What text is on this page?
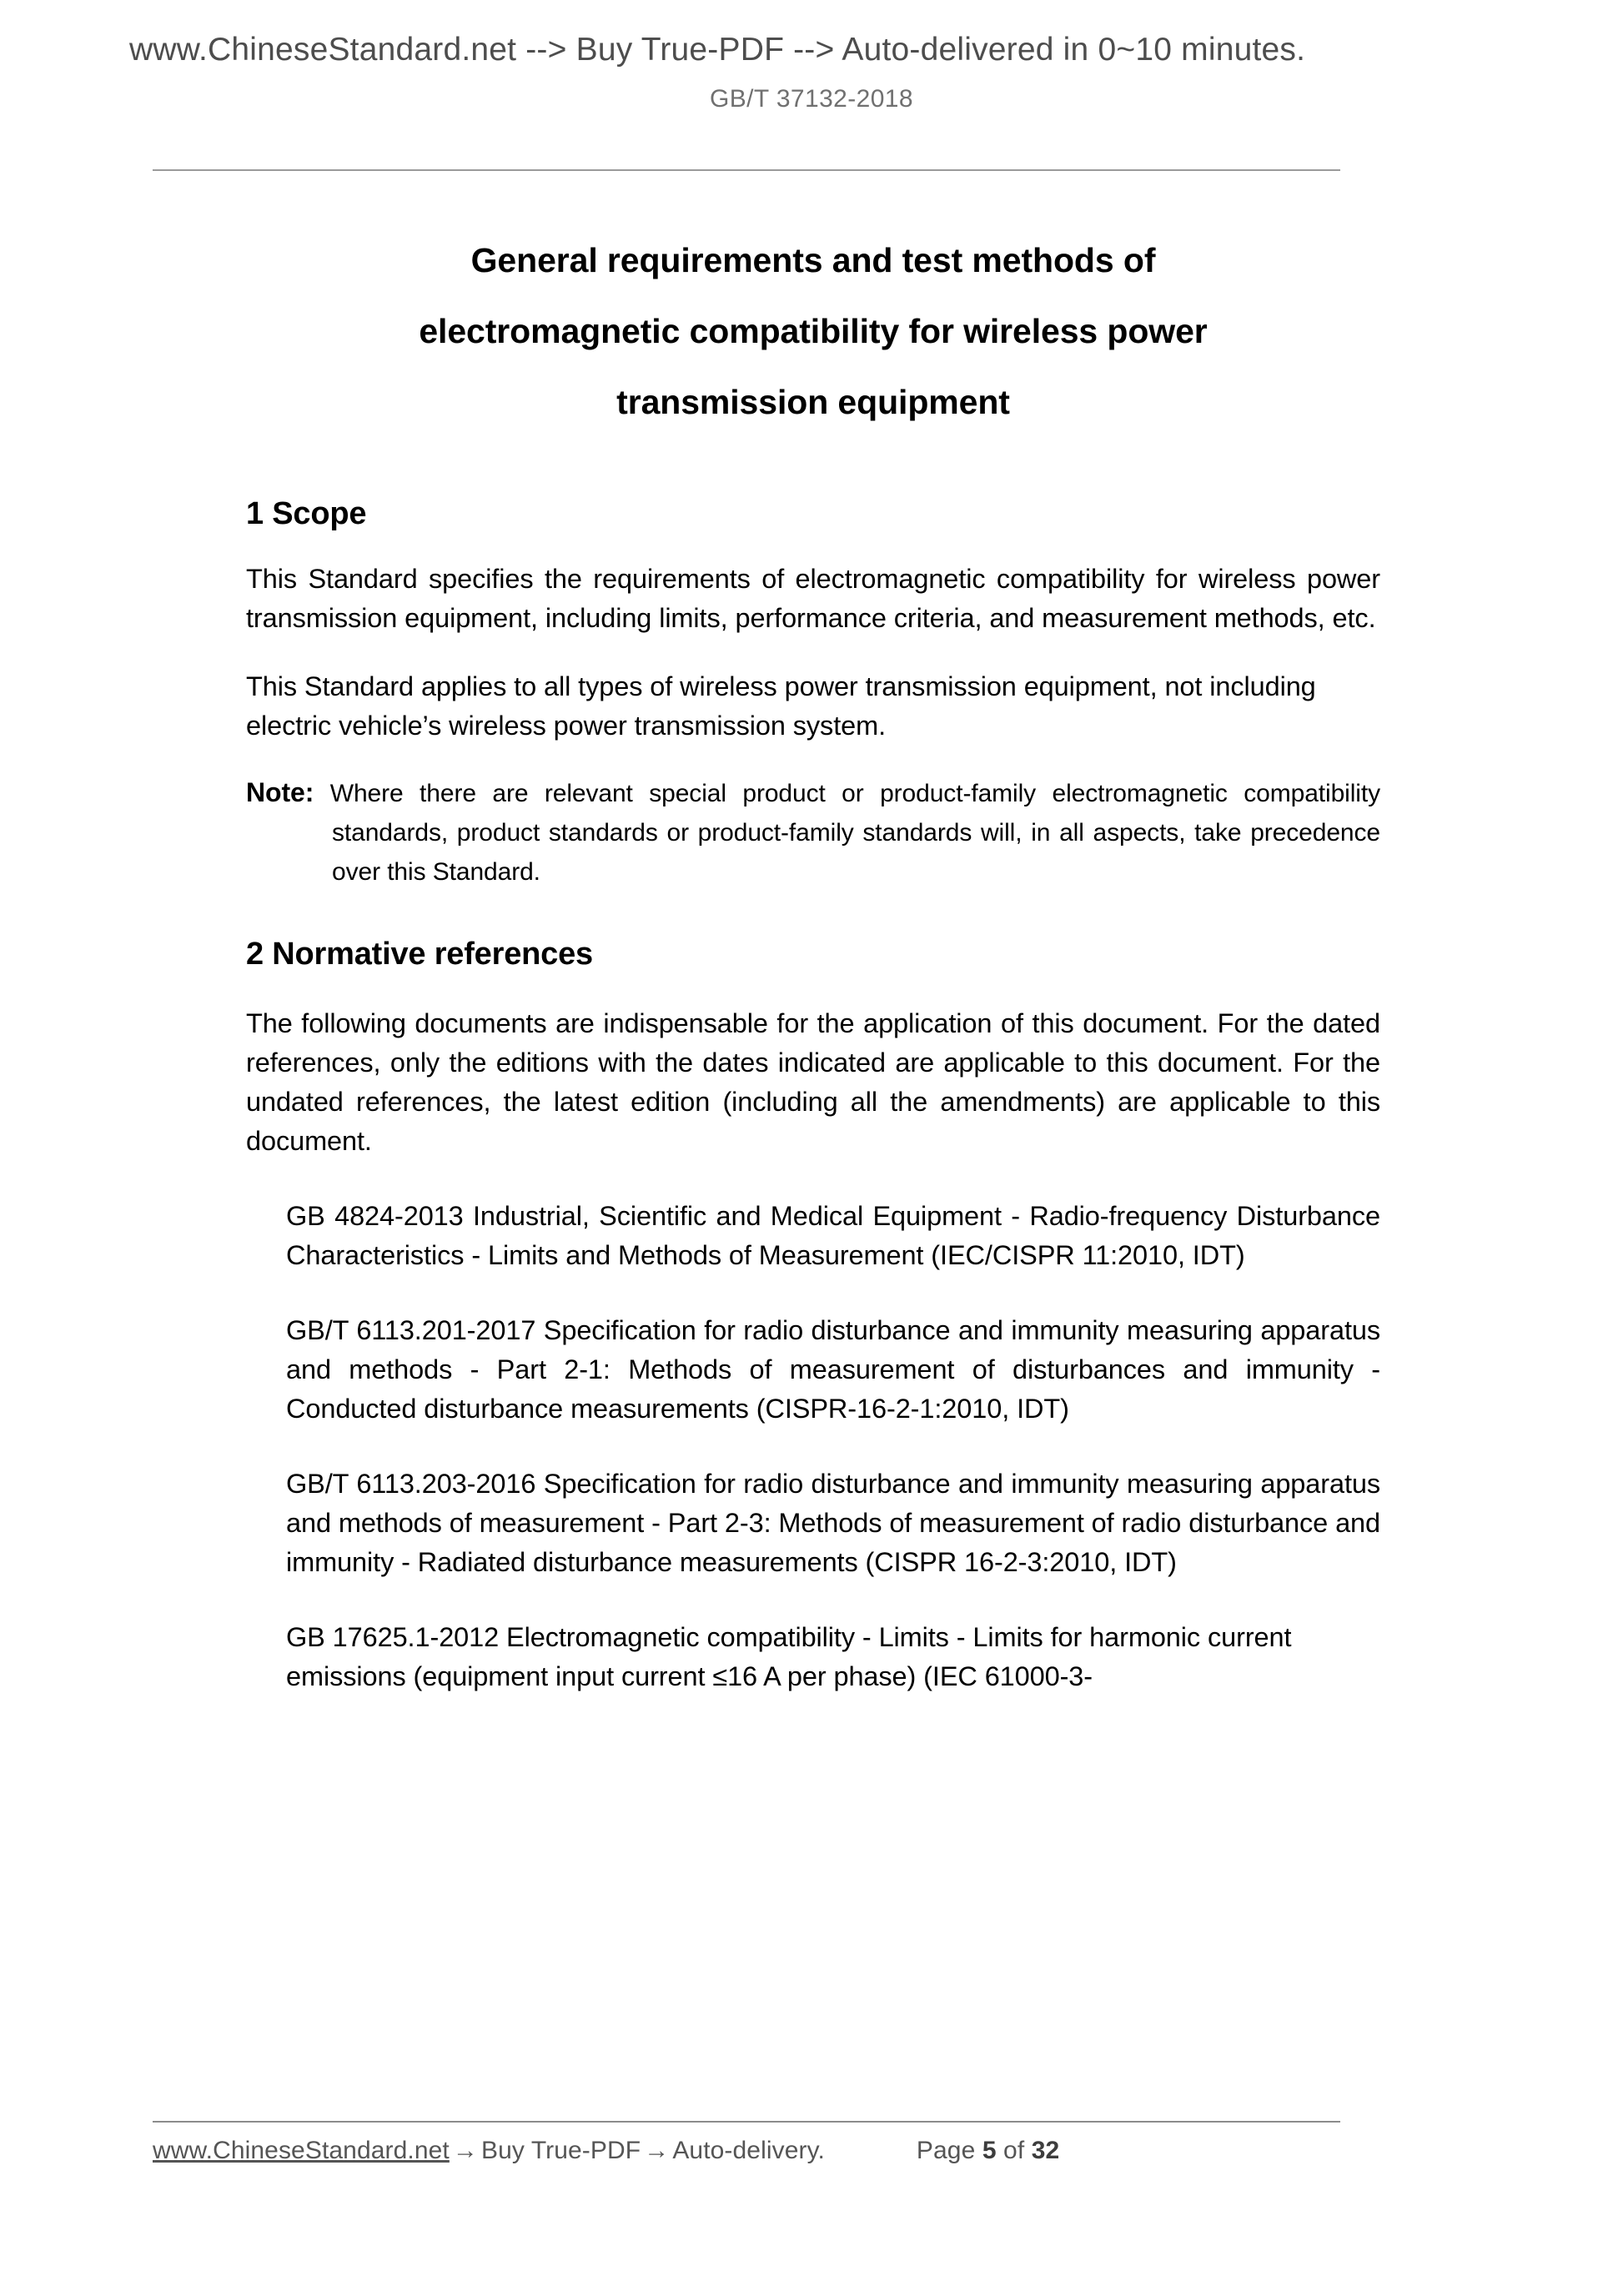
www.ChineseStandard.net --> Buy True-PDF --> Auto-delivered in 0~10 minutes.
GB/T 37132-2018
General requirements and test methods of
electromagnetic compatibility for wireless power
transmission equipment
1 Scope

This Standard specifies the requirements of electromagnetic compatibility for wireless power transmission equipment, including limits, performance criteria, and measurement methods, etc.

This Standard applies to all types of wireless power transmission equipment, not including electric vehicle’s wireless power transmission system.

Note: Where there are relevant special product or product-family electromagnetic compatibility standards, product standards or product-family standards will, in all aspects, take precedence over this Standard.

2 Normative references

The following documents are indispensable for the application of this document. For the dated references, only the editions with the dates indicated are applicable to this document. For the undated references, the latest edition (including all the amendments) are applicable to this document.

GB 4824-2013 Industrial, Scientific and Medical Equipment - Radio-frequency Disturbance Characteristics - Limits and Methods of Measurement (IEC/CISPR 11:2010, IDT)

GB/T 6113.201-2017 Specification for radio disturbance and immunity measuring apparatus and methods - Part 2-1: Methods of measurement of disturbances and immunity - Conducted disturbance measurements (CISPR-16-2-1:2010, IDT)

GB/T 6113.203-2016 Specification for radio disturbance and immunity measuring apparatus and methods of measurement - Part 2-3: Methods of measurement of radio disturbance and immunity - Radiated disturbance measurements (CISPR 16-2-3:2010, IDT)

GB 17625.1-2012 Electromagnetic compatibility - Limits - Limits for harmonic current emissions (equipment input current ≤16 A per phase) (IEC 61000-3-

www.ChineseStandard.net → Buy True-PDF → Auto-delivery.	Page 5 of 32
